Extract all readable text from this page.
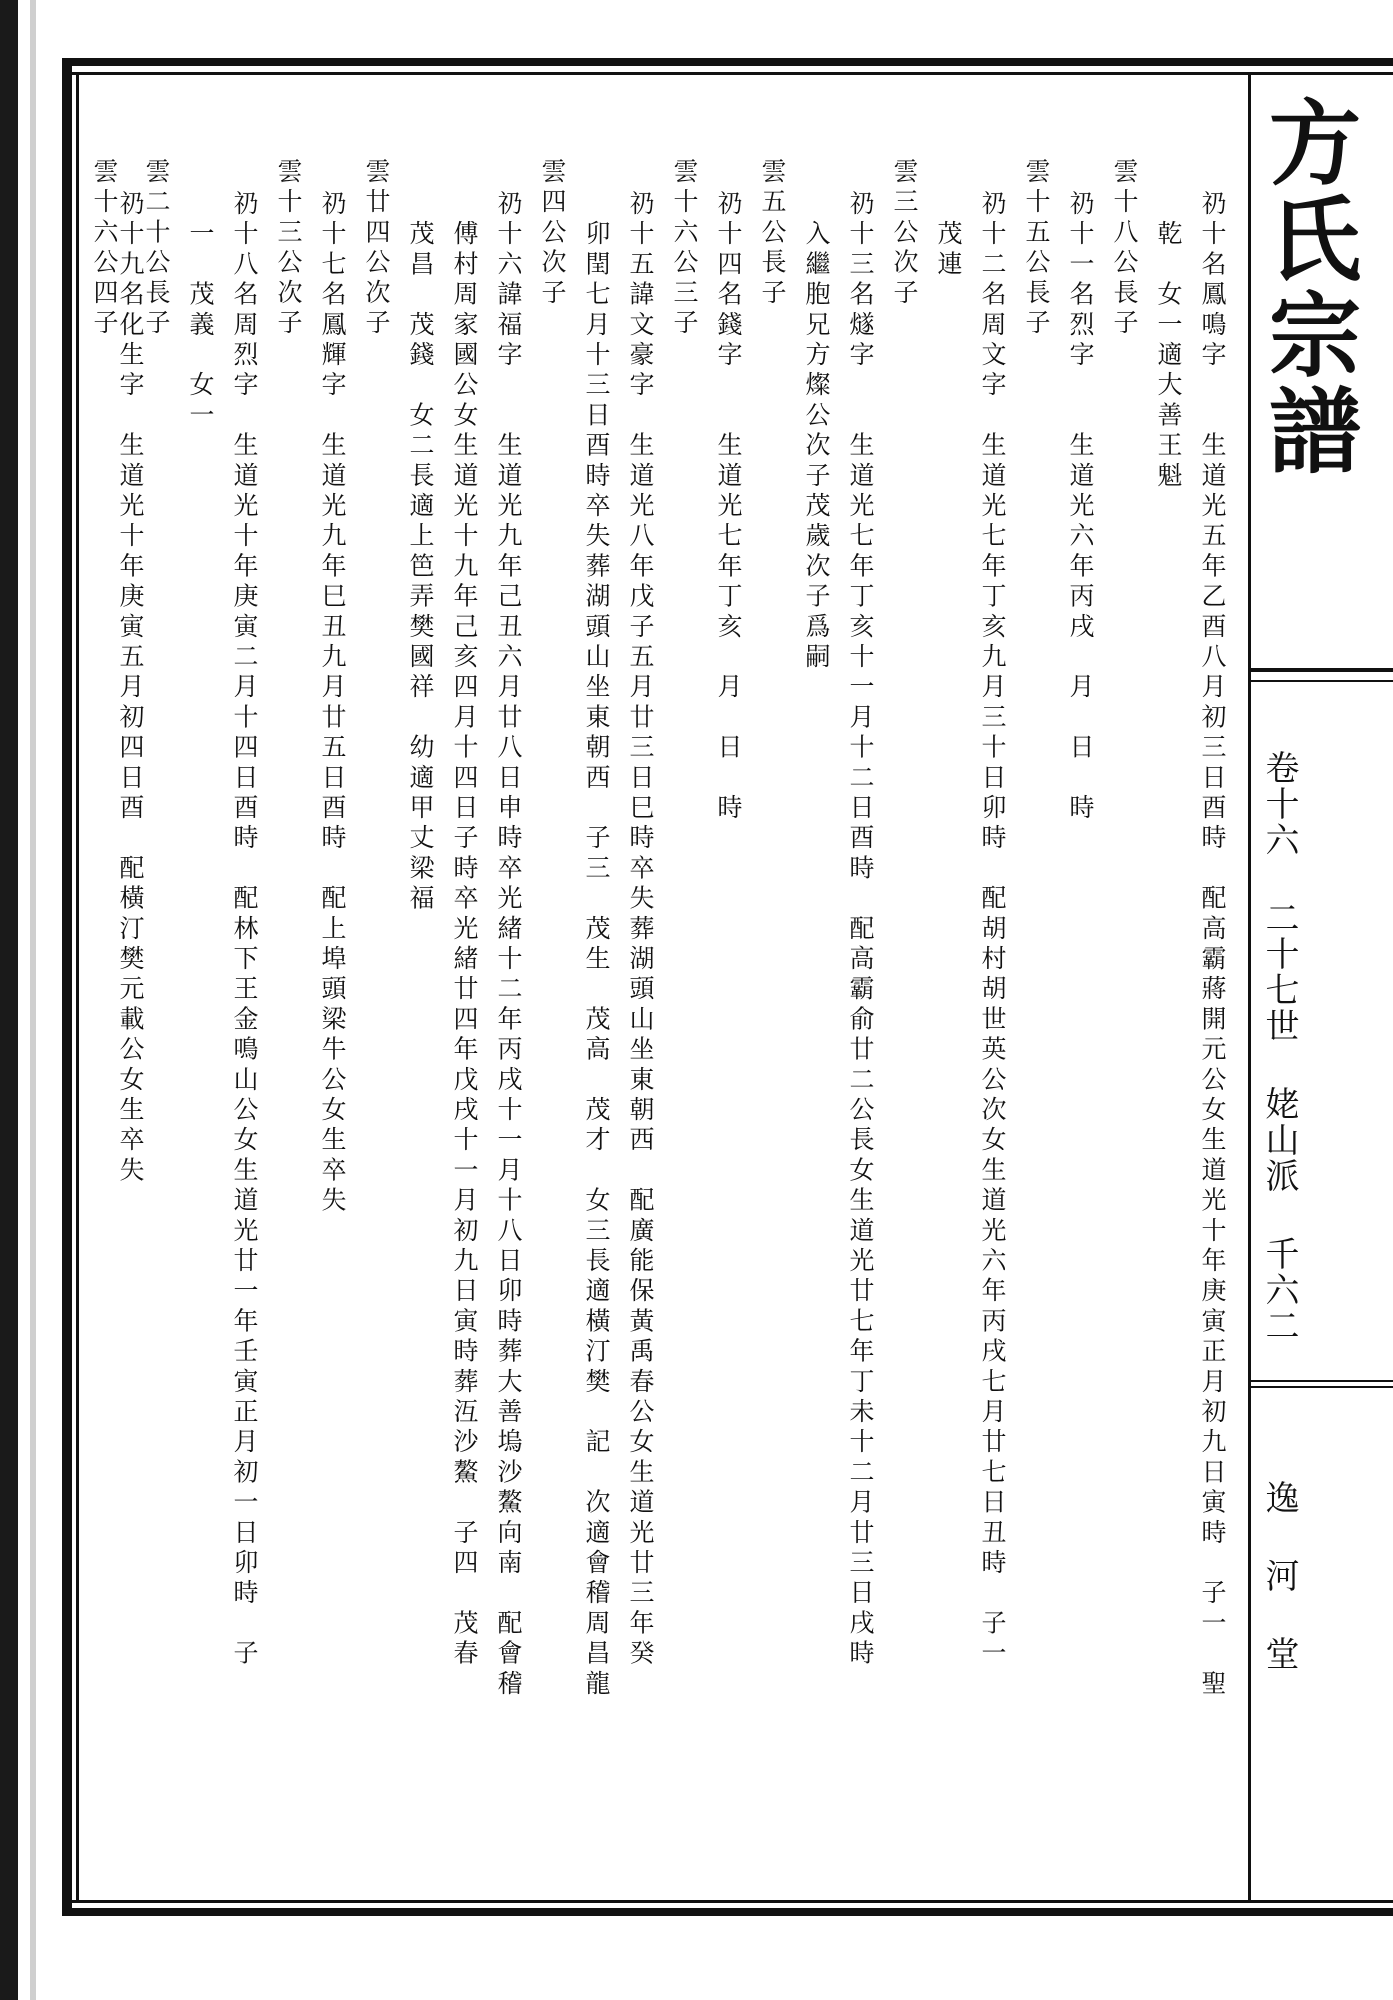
方氏宗譜
卷十六 二十七世 姥山派 千六二
逸 河 堂
礽十名鳳鳴字　　生道光五年乙酉八月初三日酉時　配高霸蔣開元公女生道光十年庚寅正月初九日寅時　子一　聖
　乾　女一適大善王魁
雲十八公長子
礽十一名烈字　　生道光六年丙戌　月　日　時
雲十五公長子
礽十二名周文字　生道光七年丁亥九月三十日卯時　配胡村胡世英公次女生道光六年丙戌七月廿七日丑時　子一
　茂連
雲三公次子
礽十三名燧字　　生道光七年丁亥十一月十二日酉時　配高霸俞廿二公長女生道光廿七年丁未十二月廿三日戌時
　入繼胞兄方燦公次子茂歲次子爲嗣
雲五公長子
礽十四名錢字　　生道光七年丁亥　月　日　時
雲十六公三子
礽十五諱文豪字　生道光八年戊子五月廿三日巳時卒失葬湖頭山坐東朝西　配廣能保黃禹春公女生道光廿三年癸
　卯閏七月十三日酉時卒失葬湖頭山坐東朝西　子三　茂生　茂高　茂才　女三長適橫汀樊　記　次適會稽周昌龍
雲四公次子
礽十六諱福字　　生道光九年己丑六月廿八日申時卒光緒十二年丙戌十一月十八日卯時葬大善塢沙鰲向南　配會稽
　傅村周家國公女生道光十九年己亥四月十四日子時卒光緒廿四年戊戌十一月初九日寅時葬沍沙鰲　子四　茂春
　茂昌　茂錢　女二長適上笆弄樊國祥　幼適甲丈梁福
雲廿四公次子
礽十七名鳳輝字　生道光九年巳丑九月廿五日酉時　配上埠頭梁牛公女生卒失
雲十三公次子
礽十八名周烈字　生道光十年庚寅二月十四日酉時　配林下王金鳴山公女生道光廿一年壬寅正月初一日卯時　子
　一　茂義　女一
雲二十公長子
礽十九名化生字　生道光十年庚寅五月初四日酉　配橫汀樊元載公女生卒失
雲十六公四子
